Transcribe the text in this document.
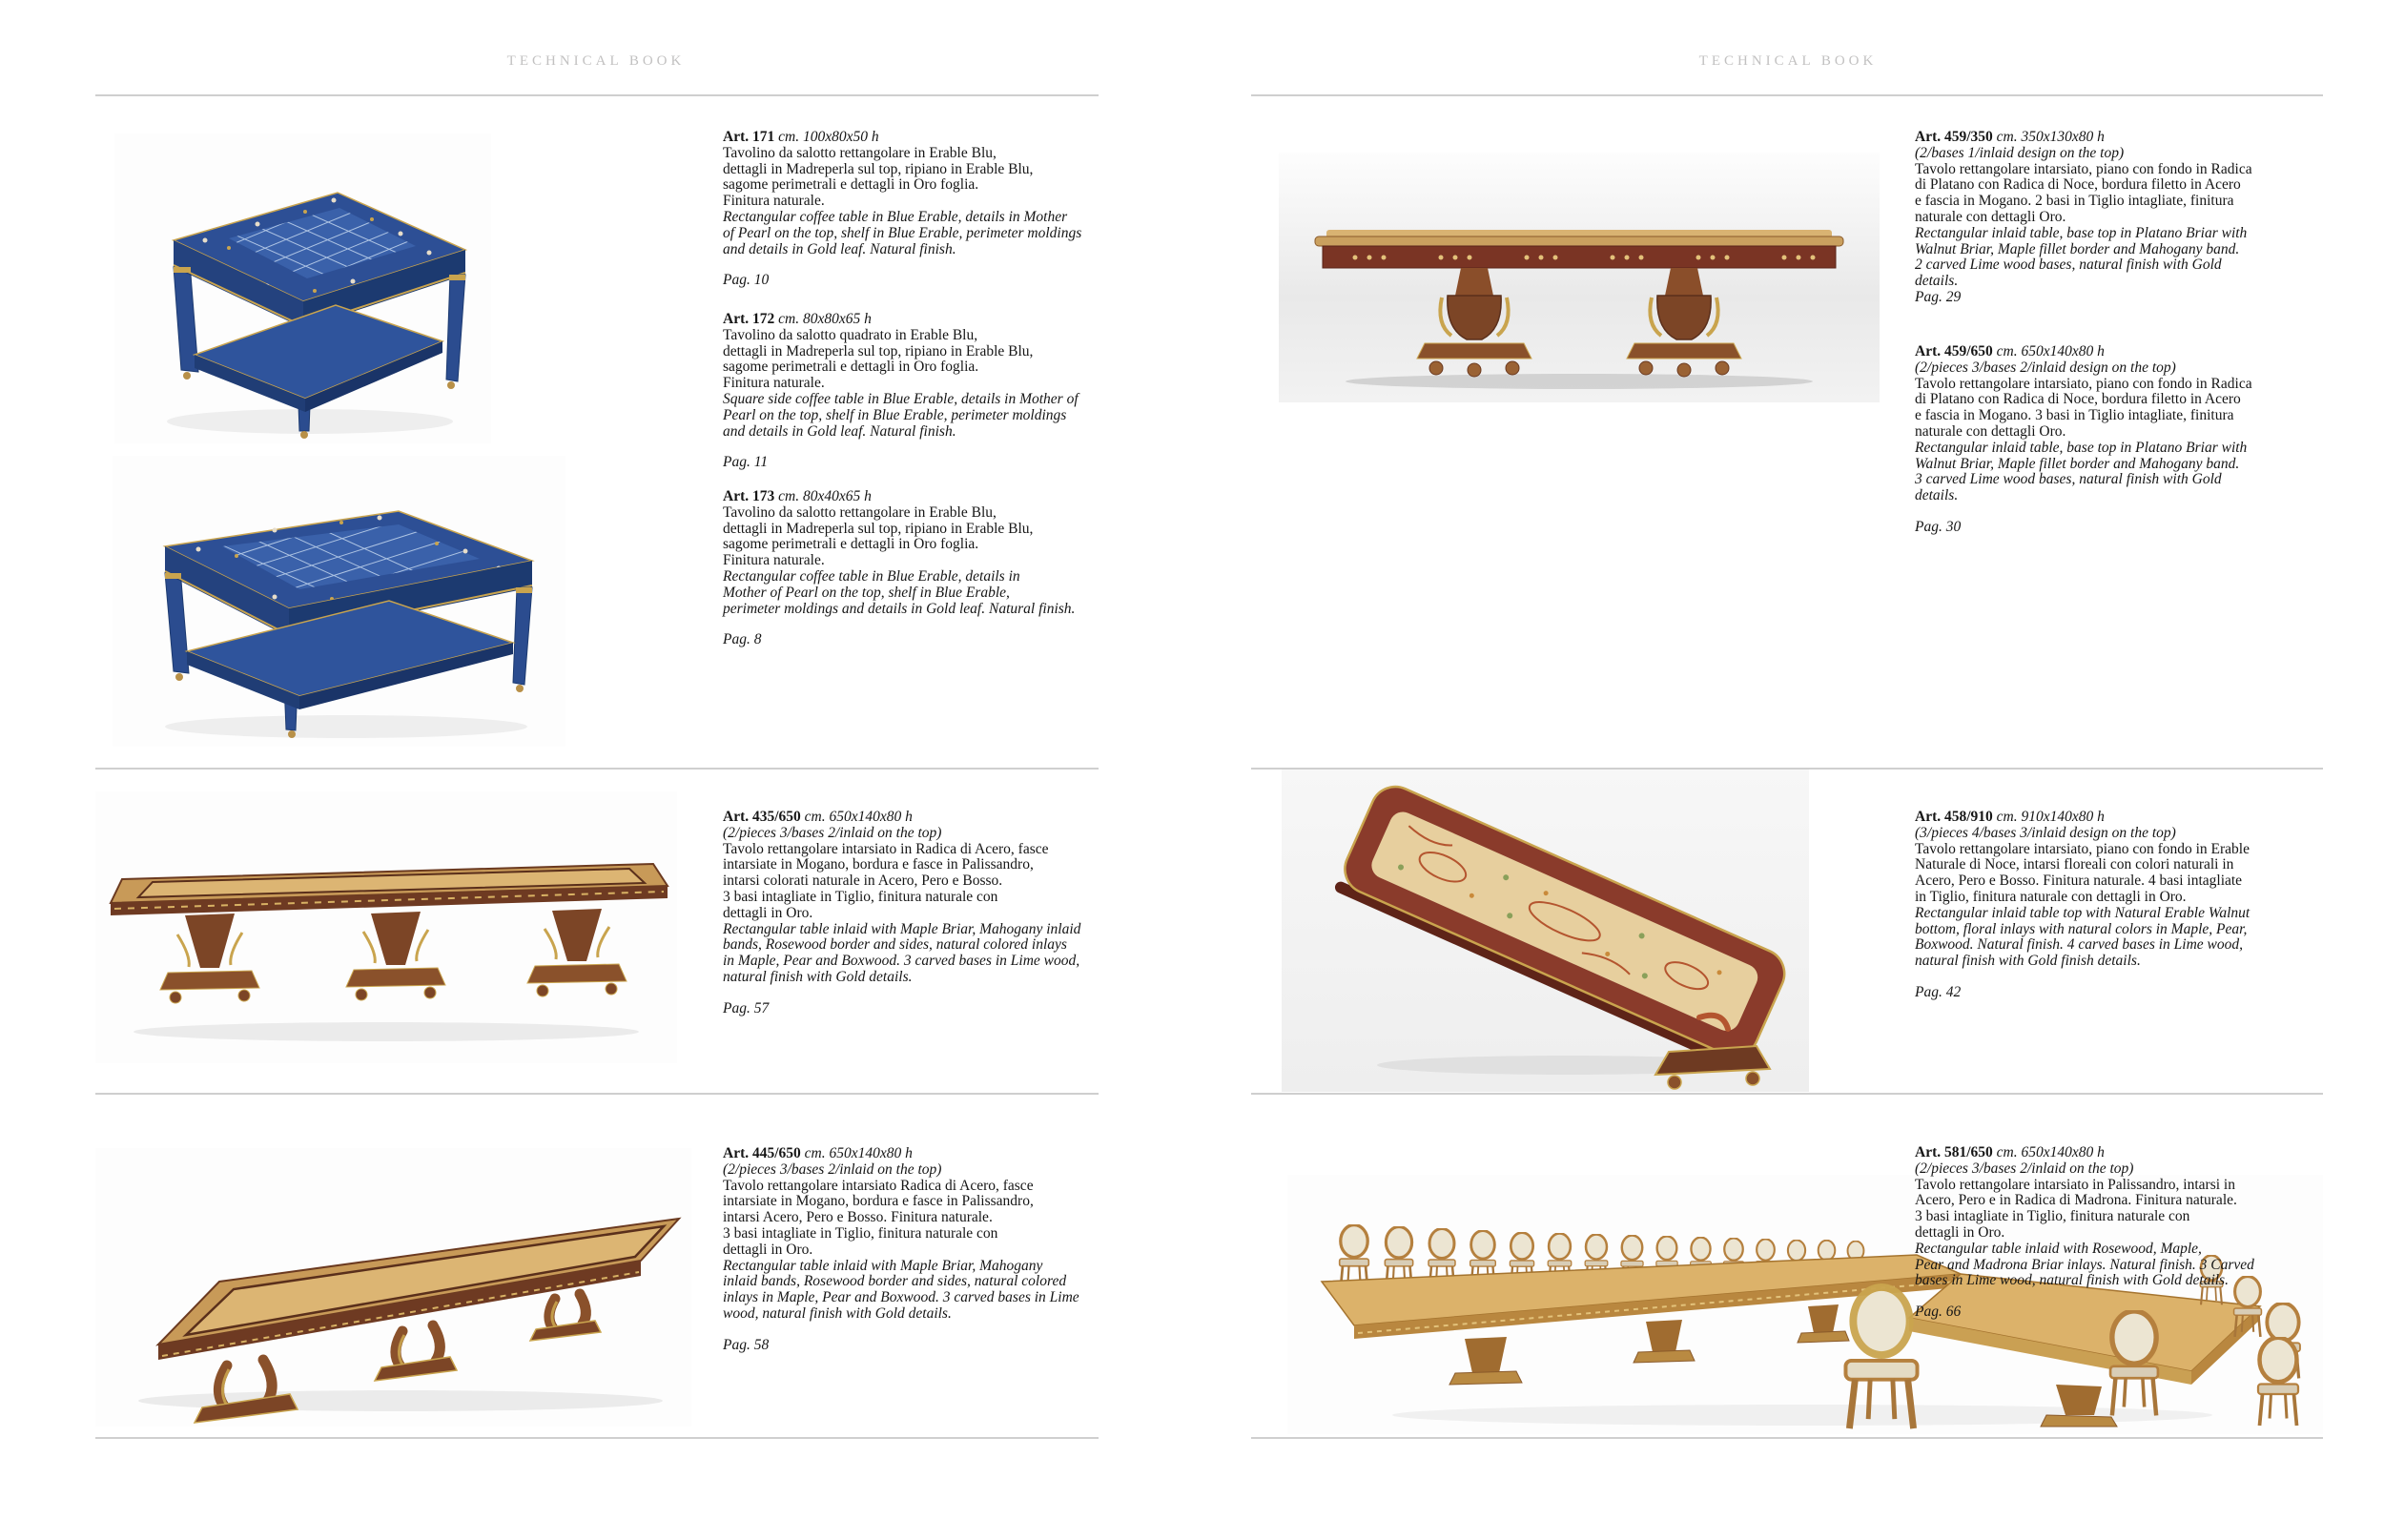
TECHNICAL BOOK
Art. 171 cm. 100x80x50 h
Tavolino da salotto rettangolare in Erable Blu,
dettagli in Madreperla sul top, ripiano in Erable Blu,
sagome perimetrali e dettagli in Oro foglia.
Finitura naturale.
Rectangular coffee table in Blue Erable, details in Mother
of Pearl on the top, shelf in Blue Erable, perimeter moldings
and details in Gold leaf. Natural finish.
Pag. 10
Art. 172 cm. 80x80x65 h
Tavolino da salotto quadrato in Erable Blu,
dettagli in Madreperla sul top, ripiano in Erable Blu,
sagome perimetrali e dettagli in Oro foglia.
Finitura naturale.
Square side coffee table in Blue Erable, details in Mother of
Pearl on the top, shelf in Blue Erable, perimeter moldings
and details in Gold leaf. Natural finish.
Pag. 11
Art. 173 cm. 80x40x65 h
Tavolino da salotto rettangolare in Erable Blu,
dettagli in Madreperla sul top, ripiano in Erable Blu,
sagome perimetrali e dettagli in Oro foglia.
Finitura naturale.
Rectangular coffee table in Blue Erable, details in
Mother of Pearl on the top, shelf in Blue Erable,
perimeter moldings and details in Gold leaf. Natural finish.
Pag. 8
Art. 435/650 cm. 650x140x80 h
(2/pieces 3/bases 2/inlaid on the top)
Tavolo rettangolare intarsiato in Radica di Acero, fasce
intarsiate in Mogano, bordura e fasce in Palissandro,
intarsi colorati naturale in Acero, Pero e Bosso.
3 basi intagliate in Tiglio, finitura naturale con
dettagli in Oro.
Rectangular table inlaid with Maple Briar, Mahogany inlaid
bands, Rosewood border and sides, natural colored inlays
in Maple, Pear and Boxwood. 3 carved bases in Lime wood,
natural finish with Gold details.
Pag. 57
Art. 445/650 cm. 650x140x80 h
(2/pieces 3/bases 2/inlaid on the top)
Tavolo rettangolare intarsiato Radica di Acero, fasce
intarsiate in Mogano, bordura e fasce in Palissandro,
intarsi Acero, Pero e Bosso. Finitura naturale.
3 basi intagliate in Tiglio, finitura naturale con
dettagli in Oro.
Rectangular table inlaid with Maple Briar, Mahogany
inlaid bands, Rosewood border and sides, natural colored
inlays in Maple, Pear and Boxwood. 3 carved bases in Lime
wood, natural finish with Gold details.
Pag. 58
TECHNICAL BOOK
Art. 459/350 cm. 350x130x80 h
(2/bases 1/inlaid design on the top)
Tavolo rettangolare intarsiato, piano con fondo in Radica
di Platano con Radica di Noce, bordura filetto in Acero
e fascia in Mogano. 2 basi in Tiglio intagliate, finitura
naturale con dettagli Oro.
Rectangular inlaid table, base top in Platano Briar with
Walnut Briar, Maple fillet border and Mahogany band.
2 carved Lime wood bases, natural finish with Gold
details.
Pag. 29
Art. 459/650 cm. 650x140x80 h
(2/pieces 3/bases 2/inlaid design on the top)
Tavolo rettangolare intarsiato, piano con fondo in Radica
di Platano con Radica di Noce, bordura filetto in Acero
e fascia in Mogano. 3 basi in Tiglio intagliate, finitura
naturale con dettagli Oro.
Rectangular inlaid table, base top in Platano Briar with
Walnut Briar, Maple fillet border and Mahogany band.
3 carved Lime wood bases, natural finish with Gold
details.
Pag. 30
Art. 458/910 cm. 910x140x80 h
(3/pieces 4/bases 3/inlaid design on the top)
Tavolo rettangolare intarsiato, piano con fondo in Erable
Naturale di Noce, intarsi floreali con colori naturali in
Acero, Pero e Bosso. Finitura naturale. 4 basi intagliate
in Tiglio, finitura naturale con dettagli in Oro.
Rectangular inlaid table top with Natural Erable Walnut
bottom, floral inlays with natural colors in Maple, Pear,
Boxwood. Natural finish. 4 carved bases in Lime wood,
natural finish with Gold finish details.
Pag. 42
Art. 581/650 cm. 650x140x80 h
(2/pieces 3/bases 2/inlaid on the top)
Tavolo rettangolare intarsiato in Palissandro, intarsi in
Acero, Pero e in Radica di Madrona. Finitura naturale.
3 basi intagliate in Tiglio, finitura naturale con
dettagli in Oro.
Rectangular table inlaid with Rosewood, Maple,
Pear and Madrona Briar inlays. Natural finish. 3 Carved
bases in Lime wood, natural finish with Gold details.
Pag. 66
